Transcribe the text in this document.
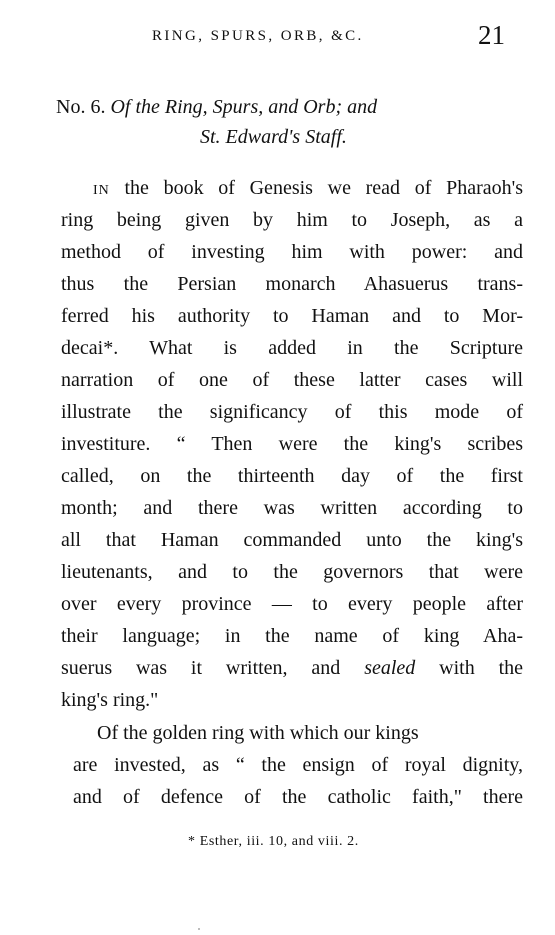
RING, SPURS, ORB, &C.	21
No. 6. Of the Ring, Spurs, and Orb; and
St. Edward's Staff.
IN the book of Genesis we read of Pharaoh's
ring being given by him to Joseph, as a
method of investing him with power: and
thus the Persian monarch Ahasuerus trans-
ferred his authority to Haman and to Mor-
decai*. What is added in the Scripture
narration of one of these latter cases will
illustrate the significancy of this mode of
investiture. “ Then were the king's scribes
called, on the thirteenth day of the first
month; and there was written according to
all that Haman commanded unto the king's
lieutenants, and to the governors that were
over every province — to every people after
their language; in the name of king Aha-
suerus was it written, and sealed with the
king's ring."
Of the golden ring with which our kings
are invested, as “ the ensign of royal dignity,
and of defence of the catholic faith," there
* Esther, iii. 10, and viii. 2.
